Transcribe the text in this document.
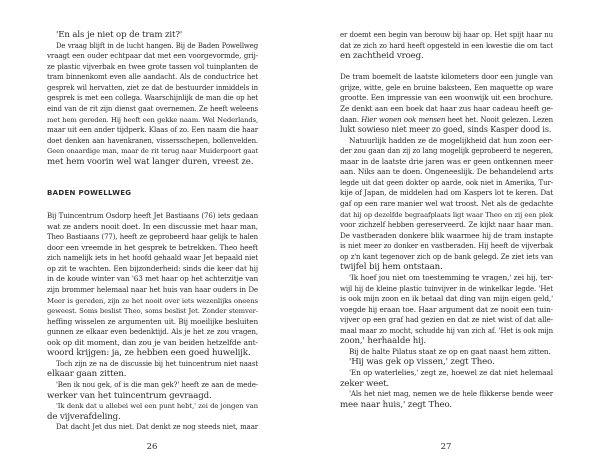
'En als je niet op de tram zit?'
De vraag blijft in de lucht hangen. Bij de Baden Powellweg
vraagt een ouder echtpaar dat met een voorgevormde, grij-
ze plastic vijverbak en twee grote tassen vol tuinplanten de
tram binnenkomt even alle aandacht. Als de conductrice het
gesprek wil hervatten, ziet ze dat de bestuurder inmiddels in
gesprek is met een collega. Waarschijnlijk de man die op het
eind van de rit zijn dienst gaat overnemen. Ze heeft weleens
met hem gereden. Hij heeft een gekke naam. Wel Nederlands,
maar uit een ander tijdperk. Klaas of zo. Een naam die haar
doet denken aan havenkranen, vissersschepen, bollenvelden.
Geen onaardige man, maar de rit terug naar Muiderpoort gaat
met hem voorin wel wat langer duren, vreest ze.
BADEN POWELLWEG
Bij Tuincentrum Osdorp heeft Jet Bastiaans (76) iets gedaan
wat ze anders nooit doet. In een discussie met haar man,
Theo Bastiaans (77), heeft ze geprobeerd haar gelijk te halen
door een vreemde in het gesprek te betrekken. Theo heeft
zich namelijk iets in het hoofd gehaald waar Jet bepaald niet
op zit te wachten. Een bijzonderheid: sinds die keer dat hij
in de koude winter van '63 met haar op het achterzitje van
zijn brommer helemaal naar het huis van haar ouders in De
Meer is gereden, zijn ze het nooit over iets wezenlijks oneens
geweest. Soms beslist Theo, soms beslist Jet. Zonder stemver-
heffing wisselen ze argumenten uit. Bij moeilijke besluiten
gunnen ze elkaar even bedenktijd. Als je het ze zou vragen,
ook op dit moment, dan zou je van beiden hetzelfde ant-
woord krijgen: ja, ze hebben een goed huwelijk.
Toch zijn ze na de discussie bij het tuincentrum niet naast
elkaar gaan zitten.
'Ben ik nou gek, of is die man gek?' heeft ze aan de mede-
werker van het tuincentrum gevraagd.
'Ik denk dat u allebei wel een punt hebt,' zei de jongen van
de vijverafdeling.
Dat dacht Jet dus niet. Dat denkt ze nog steeds niet, maar
26
er doemt een begin van berouw bij haar op. Het spijt haar nu
dat ze zich zo hard heeft opgesteld in een kwestie die om tact
en zachtheid vroeg.
De tram boemelt de laatste kilometers door een jungle van
grijze, witte, gele en bruine baksteen. Een maquette op ware
grootte. Een impressie van een woonwijk uit een brochure.
Ze denkt aan een boek dat haar zus haar cadeau heeft ge-
daan. Hier wonen ook mensen heet het. Nooit gelezen. Lezen
lukt sowieso niet meer zo goed, sinds Kasper dood is.
Natuurlijk hadden ze de mogelijkheid dat hun zoon eer-
der zou gaan dan zij zo lang mogelijk geprobeerd te negeren,
maar in de laatste drie jaren was er geen ontkennen meer
aan. Niks aan te doen. Ongeneeslijk. De behandelend arts
legde uit dat geen dokter op aarde, ook niet in Amerika, Tur-
kije of Japan, de middelen had om Kaspers lot te keren. Dat
gaf op een rare manier wel wat troost. Net als de gedachte
dat hij op dezelfde begraafplaats ligt waar Theo en zij een plek
voor zichzelf hebben gereserveerd. Ze kijkt naar haar man.
De vastberaden donkere blik waarmee hij de tram instapte
is niet meer zo donker en vastberaden. Hij heeft de vijverbak
op z'n kant tegenover zich op de bank gelegd. Ze ziet iets van
twijfel bij hem ontstaan.
'Ik hoef jou niet om toestemming te vragen,' zei hij, ter-
wijl hij de kleine plastic tuinvijver in de winkelkar legde. 'Het
is ook mijn zoon en ik betaal dat ding van mijn eigen geld,'
voegde hij eraan toe. Haar argument dat ze nooit een tuin-
vijver op een graf had gezien en dat ze niet wist of dat alle-
maal maar zo mocht, schudde hij van zich af. 'Het is ook mijn
zoon,' herhaalde hij.
Bij de halte Pilatus staat ze op en gaat naast hem zitten.
'Hij was gek op vissen,' zegt Theo.
'En op waterlelies,' zegt ze, hoewel ze dat niet helemaal
zeker weet.
'Als het niet mag, nemen we de hele flikkerse bende weer
mee naar huis,' zegt Theo.
27
